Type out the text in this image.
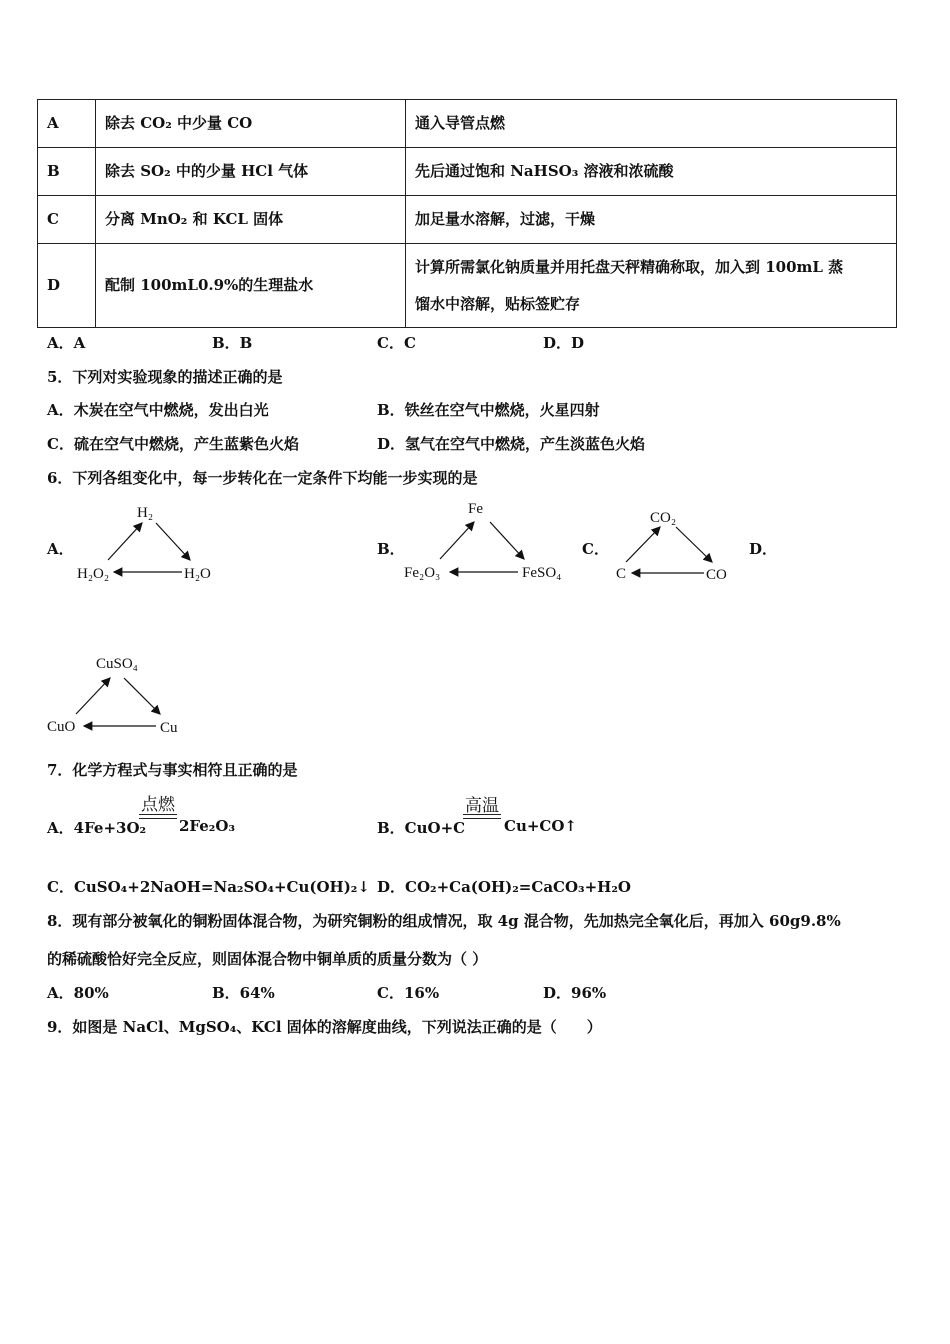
A	除去 CO₂ 中少量 CO	通入导管点燃
B	除去 SO₂ 中的少量 HCl 气体	先后通过饱和 NaHSO₃ 溶液和浓硫酸
C	分离 MnO₂ 和 KCL 固体	加足量水溶解，过滤，干燥
D	配制 100mL0.9%的生理盐水	计算所需氯化钠质量并用托盘天秤精确称取，加入到 100mL 蒸
馏水中溶解，贴标签贮存
A．A	B．B	C．C	D．D
5．下列对实验现象的描述正确的是
A．木炭在空气中燃烧，发出白光	B．铁丝在空气中燃烧，火星四射
C．硫在空气中燃烧，产生蓝紫色火焰	D．氢气在空气中燃烧，产生淡蓝色火焰
6．下列各组变化中，每一步转化在一定条件下均能一步实现的是
A．
H₂
H₂O₂	H₂O
B．
Fe
Fe₂O₃	FeSO₄
C．
CO₂
C	CO
D．
CuSO₄
CuO	Cu
7．化学方程式与事实相符且正确的是
A．4Fe+3O₂
点燃
2Fe₂O₃	B．CuO+C
高温
Cu+CO↑
C．CuSO₄+2NaOH=Na₂SO₄+Cu(OH)₂↓ D．CO₂+Ca(OH)₂=CaCO₃+H₂O
8．现有部分被氧化的铜粉固体混合物，为研究铜粉的组成情况，取 4g 混合物，先加热完全氧化后，再加入 60g9.8%
的稀硫酸恰好完全反应，则固体混合物中铜单质的质量分数为（ ）
A．80%	B．64%	C．16%	D．96%
9．如图是 NaCl、MgSO₄、KCl 固体的溶解度曲线，下列说法正确的是（　　）
